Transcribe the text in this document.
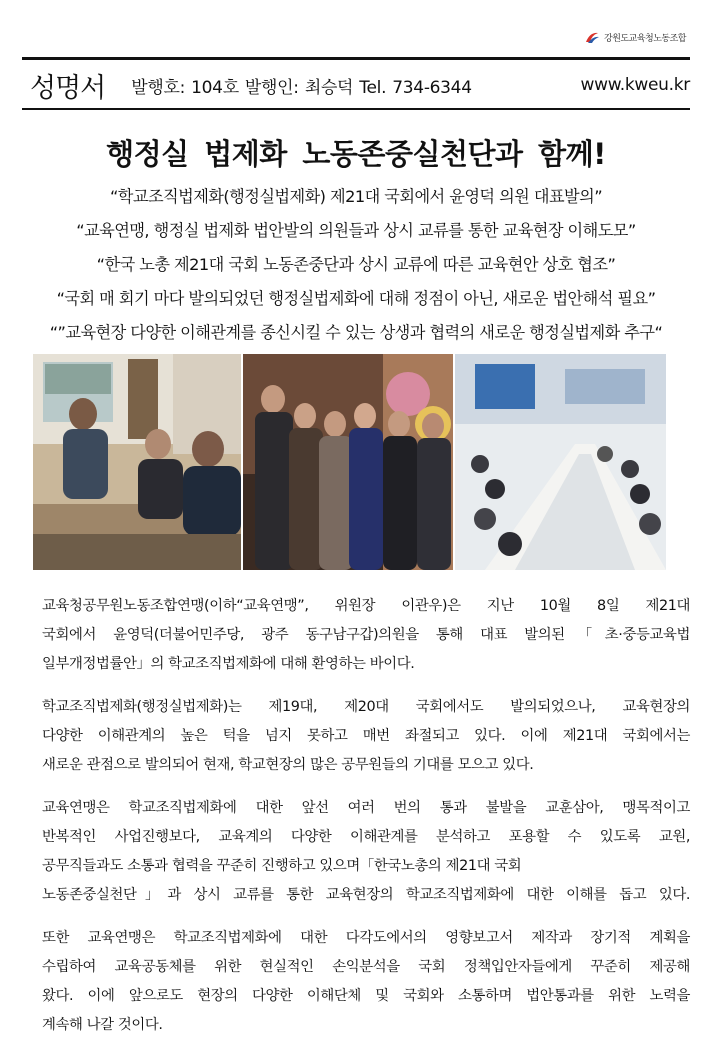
강원도교육청노동조합
성명서 발행호: 104호 발행인: 최승덕 Tel. 734-6344	www.kweu.kr
행정실 법제화 노동존중실천단과 함께!
“학교조직법제화(행정실법제화) 제21대 국회에서 윤영덕 의원 대표발의”
“교육연맹, 행정실 법제화 법안발의 의원들과 상시 교류를 통한 교육현장 이해도모”
“한국 노총 제21대 국회 노동존중단과 상시 교류에 따른 교육현안 상호 협조”
“국회 매 회기 마다 발의되었던 행정실법제화에 대해 정점이 아닌, 새로운 법안해석 필요”
“”교육현장 다양한 이해관계를 종신시킬 수 있는 상생과 협력의 새로운 행정실법제화 추구“
교육청공무원노동조합연맹(이하“교육연맹”, 위원장 이관우)은 지난 10월 8일 제21대
국회에서 윤영덕(더불어민주당, 광주 동구남구갑)의원을 통해 대표 발의된「초·중등교육법
일부개정법률안」의 학교조직법제화에 대해 환영하는 바이다.
학교조직법제화(행정실법제화)는 제19대, 제20대 국회에서도 발의되었으나, 교육현장의
다양한 이해관계의 높은 턱을 넘지 못하고 매번 좌절되고 있다. 이에 제21대 국회에서는
새로운 관점으로 발의되어 현재, 학교현장의 많은 공무원들의 기대를 모으고 있다.
교육연맹은 학교조직법제화에 대한 앞선 여러 번의 통과 불발을 교훈삼아, 맹목적이고
반복적인 사업진행보다, 교육계의 다양한 이해관계를 분석하고 포용할 수 있도록 교원,
공무직들과도 소통과 협력을 꾸준히 진행하고 있으며「한국노총의 제21대 국회
노동존중실천단」과 상시 교류를 통한 교육현장의 학교조직법제화에 대한 이해를 돕고 있다.
또한 교육연맹은 학교조직법제화에 대한 다각도에서의 영향보고서 제작과 장기적 계획을
수립하여 교육공동체를 위한 현실적인 손익분석을 국회 정책입안자들에게 꾸준히 제공해
왔다. 이에 앞으로도 현장의 다양한 이해단체 및 국회와 소통하며 법안통과를 위한 노력을
계속해 나갈 것이다.
